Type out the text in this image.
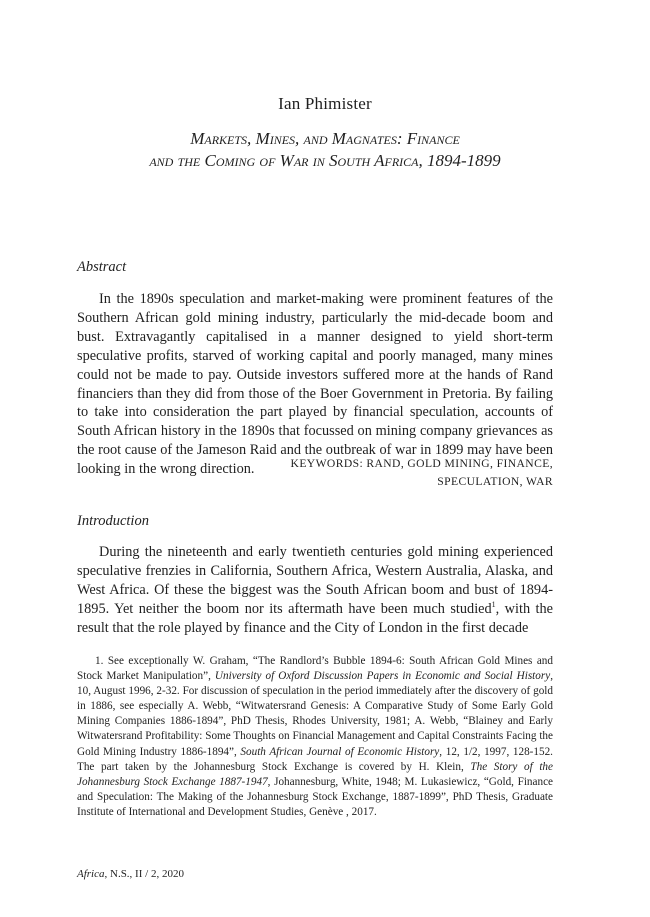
Ian Phimister
Markets, Mines, and Magnates: Finance
and the Coming of War in South Africa, 1894-1899
Abstract

In the 1890s speculation and market-making were prominent features of the Southern African gold mining industry, particularly the mid-decade boom and bust. Extravagantly capitalised in a manner designed to yield short-term speculative profits, starved of working capital and poorly managed, many mines could not be made to pay. Outside investors suffered more at the hands of Rand financiers than they did from those of the Boer Government in Pretoria. By failing to take into consideration the part played by financial speculation, accounts of South African history in the 1890s that focussed on mining company grievances as the root cause of the Jameson Raid and the outbreak of war in 1899 may have been looking in the wrong direction.	KEYWORDS: RAND, GOLD MINING, FINANCE,
SPECULATION, WAR
Introduction

During the nineteenth and early twentieth centuries gold mining experienced speculative frenzies in California, Southern Africa, Western Australia, Alaska, and West Africa. Of these the biggest was the South African boom and bust of 1894-1895. Yet neither the boom nor its aftermath have been much studied$^1$, with the result that the role played by finance and the City of London in the first decade

1. See exceptionally W. Graham, “The Randlord’s Bubble 1894-6: South African Gold Mines and Stock Market Manipulation”, University of Oxford Discussion Papers in Economic and Social History, 10, August 1996, 2-32. For discussion of speculation in the period immediately after the discovery of gold in 1886, see especially A. Webb, “Witwatersrand Genesis: A Comparative Study of Some Early Gold Mining Companies 1886-1894”, PhD Thesis, Rhodes University, 1981; A. Webb, “Blainey and Early Witwatersrand Profitability: Some Thoughts on Financial Management and Capital Constraints Facing the Gold Mining Industry 1886-1894”, South African Journal of Economic History, 12, 1/2, 1997, 128-152. The part taken by the Johannesburg Stock Exchange is covered by H. Klein, The Story of the Johannesburg Stock Exchange 1887-1947, Johannesburg, White, 1948; M. Lukasiewicz, “Gold, Finance and Speculation: The Making of the Johannesburg Stock Exchange, 1887-1899”, PhD Thesis, Graduate Institute of International and Development Studies, Genève , 2017.

Africa, N.S., II / 2, 2020
